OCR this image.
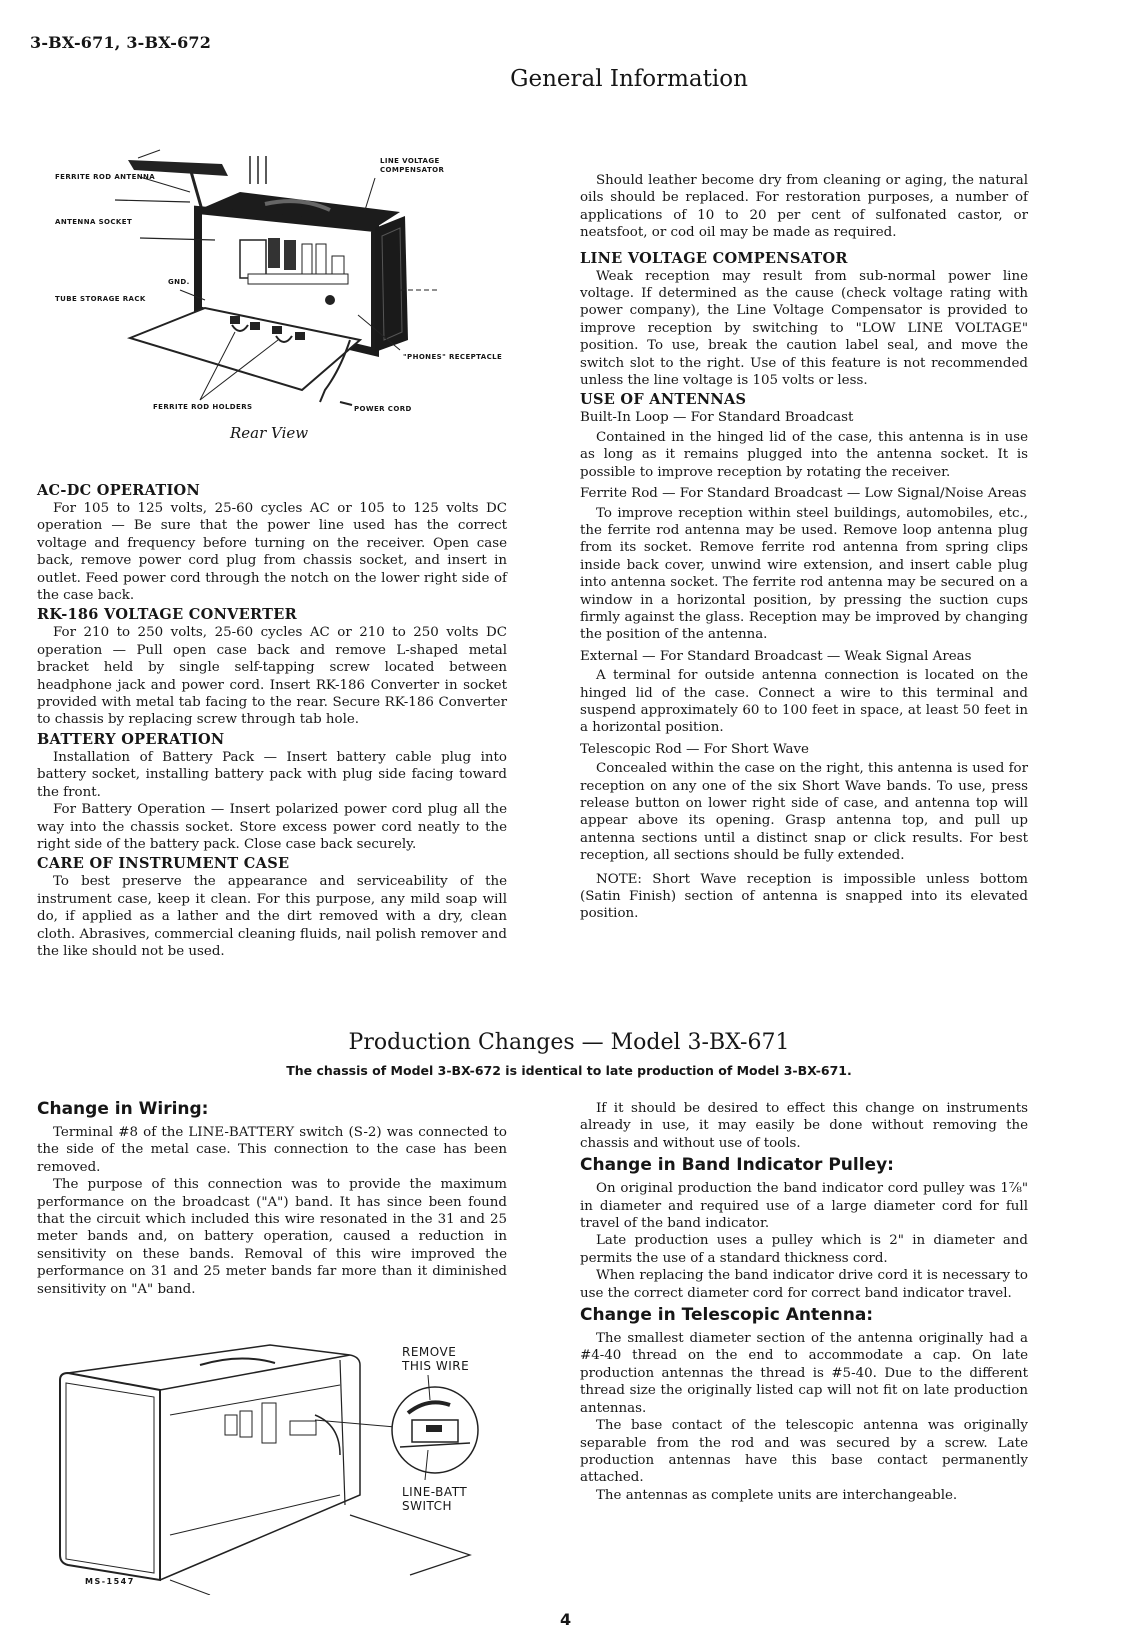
3-BX-671, 3-BX-672
General Information
FERRITE ROD ANTENNA
ANTENNA SOCKET
GND.
TUBE STORAGE RACK
FERRITE ROD HOLDERS	POWER CORD
"PHONES" RECEPTACLE
LINE VOLTAGE
COMPENSATOR
Rear View
AC-DC OPERATION

For 105 to 125 volts, 25-60 cycles AC or 105 to 125 volts DC operation — Be sure that the power line used has the correct voltage and frequency before turning on the receiver. Open case back, remove power cord plug from chassis socket, and insert in outlet. Feed power cord through the notch on the lower right side of the case back.

RK-186 VOLTAGE CONVERTER

For 210 to 250 volts, 25-60 cycles AC or 210 to 250 volts DC operation — Pull open case back and remove L-shaped metal bracket held by single self-tapping screw located between headphone jack and power cord. Insert RK-186 Converter in socket provided with metal tab facing to the rear. Secure RK-186 Converter to chassis by replacing screw through tab hole.

BATTERY OPERATION

Installation of Battery Pack — Insert battery cable plug into battery socket, installing battery pack with plug side facing toward the front.

For Battery Operation — Insert polarized power cord plug all the way into the chassis socket. Store excess power cord neatly to the right side of the battery pack. Close case back securely.

CARE OF INSTRUMENT CASE

To best preserve the appearance and serviceability of the instrument case, keep it clean. For this purpose, any mild soap will do, if applied as a lather and the dirt removed with a dry, clean cloth. Abrasives, commercial cleaning fluids, nail polish remover and the like should not be used.

Should leather become dry from cleaning or aging, the natural oils should be replaced. For restoration purposes, a number of applications of 10 to 20 per cent of sulfonated castor, or neatsfoot, or cod oil may be made as required.

LINE VOLTAGE COMPENSATOR

Weak reception may result from sub-normal power line voltage. If determined as the cause (check voltage rating with power company), the Line Voltage Compensator is provided to improve reception by switching to "LOW LINE VOLTAGE" position. To use, break the caution label seal, and move the switch slot to the right. Use of this feature is not recommended unless the line voltage is 105 volts or less.

USE OF ANTENNAS
Built-In Loop — For Standard Broadcast

Contained in the hinged lid of the case, this antenna is in use as long as it remains plugged into the antenna socket. It is possible to improve reception by rotating the receiver.

Ferrite Rod — For Standard Broadcast — Low Signal/Noise Areas

To improve reception within steel buildings, automobiles, etc., the ferrite rod antenna may be used. Remove loop antenna plug from its socket. Remove ferrite rod antenna from spring clips inside back cover, unwind wire extension, and insert cable plug into antenna socket. The ferrite rod antenna may be secured on a window in a horizontal position, by pressing the suction cups firmly against the glass. Reception may be improved by changing the position of the antenna.

External — For Standard Broadcast — Weak Signal Areas

A terminal for outside antenna connection is located on the hinged lid of the case. Connect a wire to this terminal and suspend approximately 60 to 100 feet in space, at least 50 feet in a horizontal position.

Telescopic Rod — For Short Wave

Concealed within the case on the right, this antenna is used for reception on any one of the six Short Wave bands. To use, press release button on lower right side of case, and antenna top will appear above its opening. Grasp antenna top, and pull up antenna sections until a distinct snap or click results. For best reception, all sections should be fully extended.

NOTE: Short Wave reception is impossible unless bottom (Satin Finish) section of antenna is snapped into its elevated position.

Production Changes — Model 3-BX-671
The chassis of Model 3-BX-672 is identical to late production of Model 3-BX-671.
Change in Wiring:

Terminal #8 of the LINE-BATTERY switch (S-2) was connected to the side of the metal case. This connection to the case has been removed.

The purpose of this connection was to provide the maximum performance on the broadcast ("A") band. It has since been found that the circuit which included this wire resonated in the 31 and 25 meter bands and, on battery operation, caused a reduction in sensitivity on these bands. Removal of this wire improved the performance on 31 and 25 meter bands far more than it diminished sensitivity on "A" band.

REMOVE
THIS WIRE
LINE-BATT
SWITCH
MS-1547

If it should be desired to effect this change on instruments already in use, it may easily be done without removing the chassis and without use of tools.

Change in Band Indicator Pulley:

On original production the band indicator cord pulley was 1⅞" in diameter and required use of a large diameter cord for full travel of the band indicator.

Late production uses a pulley which is 2" in diameter and permits the use of a standard thickness cord.

When replacing the band indicator drive cord it is necessary to use the correct diameter cord for correct band indicator travel.

Change in Telescopic Antenna:

The smallest diameter section of the antenna originally had a #4-40 thread on the end to accommodate a cap. On late production antennas the thread is #5-40. Due to the different thread size the originally listed cap will not fit on late production antennas.

The base contact of the telescopic antenna was originally separable from the rod and was secured by a screw. Late production antennas have this base contact permanently attached.

The antennas as complete units are interchangeable.

4
